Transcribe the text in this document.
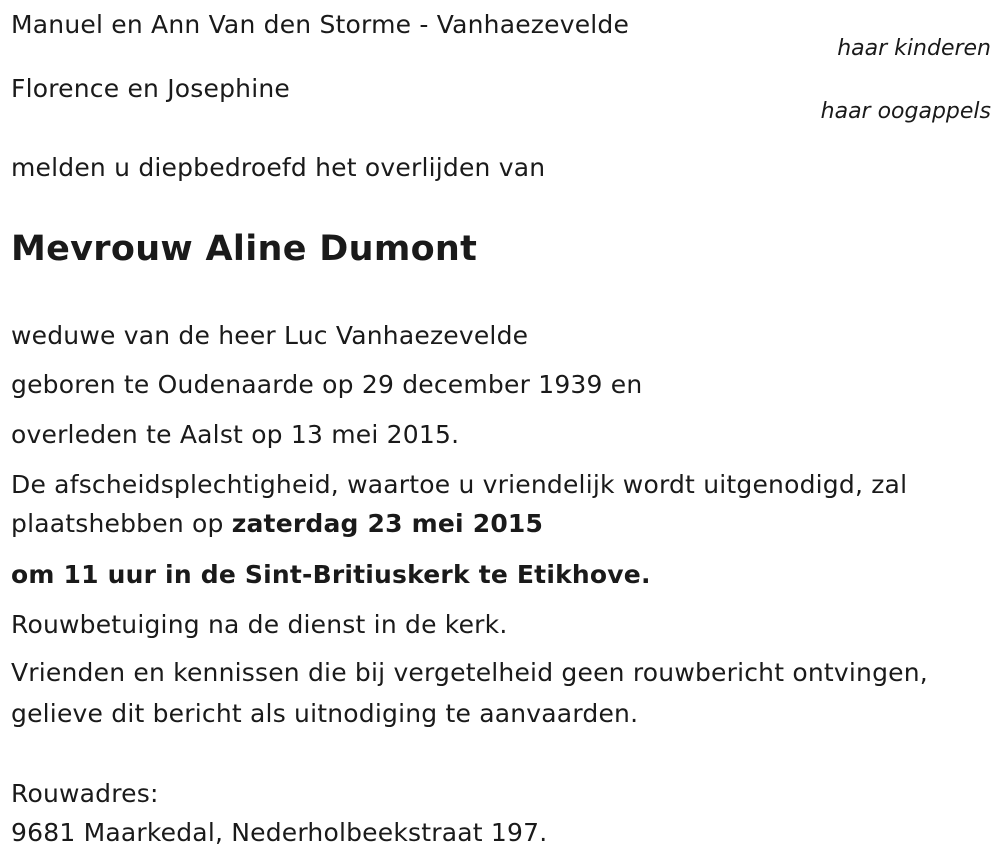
Manuel en Ann Van den Storme - Vanhaezevelde
haar kinderen
Florence en Josephine
haar oogappels
melden u diepbedroefd het overlijden van
Mevrouw Aline Dumont
weduwe van de heer Luc Vanhaezevelde
geboren te Oudenaarde op 29 december 1939 en
overleden te Aalst op 13 mei 2015.
De afscheidsplechtigheid, waartoe u vriendelijk wordt uitgenodigd, zal
plaatshebben op zaterdag 23 mei 2015
om 11 uur in de Sint-Britiuskerk te Etikhove.
Rouwbetuiging na de dienst in de kerk.
Vrienden en kennissen die bij vergetelheid geen rouwbericht ontvingen,
gelieve dit bericht als uitnodiging te aanvaarden.
Rouwadres:
9681 Maarkedal, Nederholbeekstraat 197.
